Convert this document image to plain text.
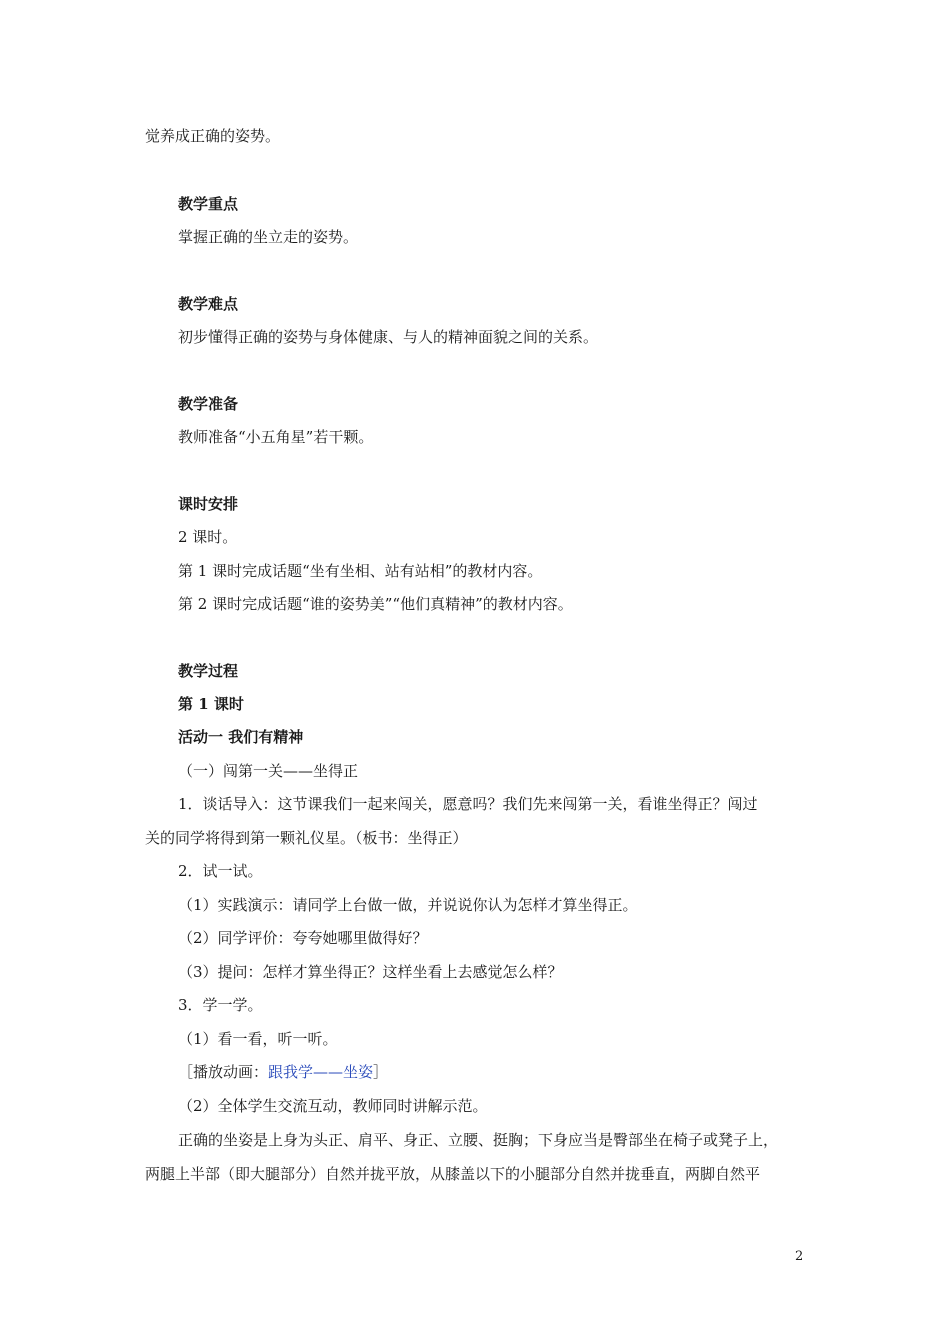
觉养成正确的姿势。
教学重点
掌握正确的坐立走的姿势。
教学难点
初步懂得正确的姿势与身体健康、与人的精神面貌之间的关系。
教学准备
教师准备“小五角星”若干颗。
课时安排
2 课时。
第 1 课时完成话题“坐有坐相、站有站相”的教材内容。
第 2 课时完成话题“谁的姿势美”“他们真精神”的教材内容。
教学过程
第 1 课时
活动一 我们有精神
（一）闯第一关——坐得正
1．谈话导入：这节课我们一起来闯关，愿意吗？我们先来闯第一关，看谁坐得正？闯过
关的同学将得到第一颗礼仪星。（板书：坐得正）
2．试一试。
（1）实践演示：请同学上台做一做，并说说你认为怎样才算坐得正。
（2）同学评价：夸夸她哪里做得好？
（3）提问：怎样才算坐得正？这样坐看上去感觉怎么样？
3．学一学。
（1）看一看，听一听。
［播放动画：跟我学——坐姿］
（2）全体学生交流互动，教师同时讲解示范。
正确的坐姿是上身为头正、肩平、身正、立腰、挺胸；下身应当是臀部坐在椅子或凳子上，
两腿上半部（即大腿部分）自然并拢平放，从膝盖以下的小腿部分自然并拢垂直，两脚自然平
2
